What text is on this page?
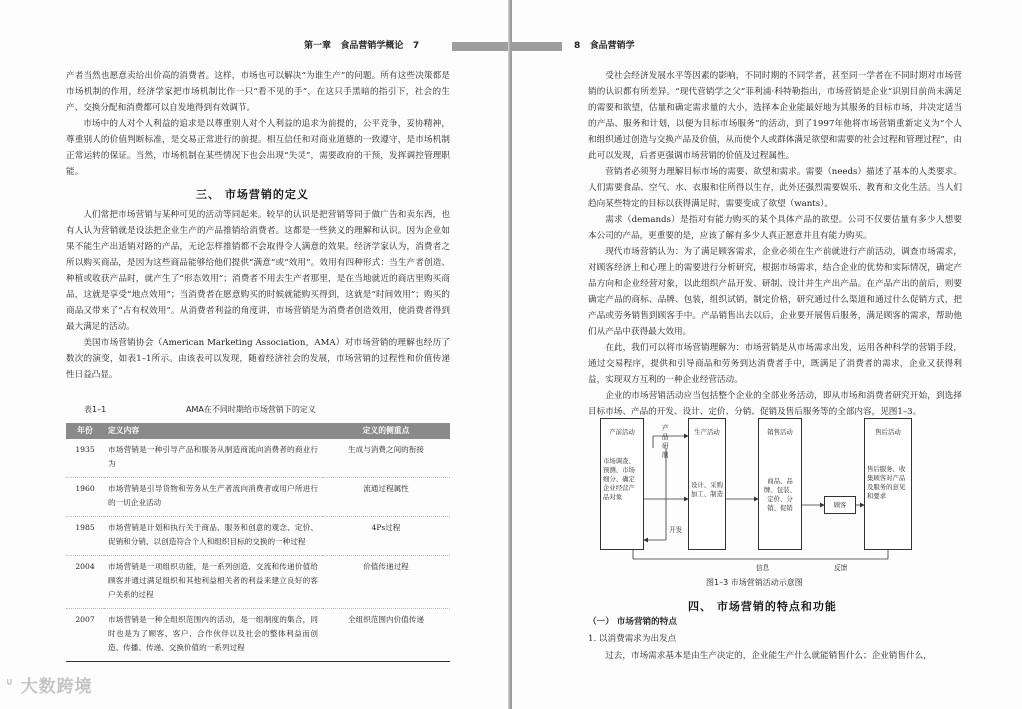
第一章 食品营销学概论 7

产者当然也愿意卖给出价高的消费者。这样，市场也可以解决“为谁生产”的问题。所有这些决策都是市场机制的作用，经济学家把市场机制比作一只“看不见的手”，在这只手黑暗的指引下，社会的生产、交换分配和消费都可以自发地得到有效调节。

市场中的人对个人利益的追求是以尊重别人对个人利益的追求为前提的，公平竞争，妥协精神，尊重别人的价值判断标准，是交易正常进行的前提。相互信任和对商业道德的一致遵守，是市场机制正常运转的保证。当然，市场机制在某些情况下也会出现“失灵”，需要政府的干预，发挥调控管理职能。

三、 市场营销的定义

人们常把市场营销与某种可见的活动等同起来。较早的认识是把营销等同于做广告和卖东西，也有人认为营销就是设法把企业生产的产品推销给消费者。这都是一些狭义的理解和认识。因为企业如果不能生产出适销对路的产品，无论怎样推销都不会取得令人满意的效果。经济学家认为，消费者之所以购买商品，是因为这些商品能够给他们提供“满意”或“效用”。效用有四种形式：当生产者创造、种植或收获产品时，就产生了“形态效用”；消费者不用去生产者那里，是在当地就近的商店里购买商品，这就是享受“地点效用”；当消费者在愿意购买的时候就能购买得到，这就是“时间效用”；购买的商品又带来了“占有权效用”。从消费者利益的角度讲，市场营销是为消费者创造效用，使消费者得到最大满足的活动。

美国市场营销协会（American Marketing Association，AMA）对市场营销的理解也经历了数次的演变，如表1–1所示。由该表可以发现，随着经济社会的发展，市场营销的过程性和价值传递性日益凸显。

表1–1	AMA在不同时期给市场营销下的定义
年份	定义内容	定义的侧重点
1935	市场营销是一种引导产品和服务从制造商流向消费者的商业行为	生成与消费之间的衔接
1960	市场营销是引导货物和劳务从生产者流向消费者或用户所进行的一切企业活动	流通过程属性
1985	市场营销是计划和执行关于商品、服务和创意的观念、定价、促销和分销，以创造符合个人和组织目标的交换的一种过程	4Ps过程
2004	市场营销是一项组织功能，是一系列创造、交流和传递价值给顾客并通过满足组织和其他利益相关者的利益来建立良好的客户关系的过程	价值传递过程
2007	市场营销是一种全组织范围内的活动，是一组制度的集合，同时也是为了顾客、客户、合作伙伴以及社会的整体利益而创造、传播、传递、交换价值的一系列过程	全组织范围内价值传递
ᐡ 大数跨境
8 食品营销学

受社会经济发展水平等因素的影响，不同时期的不同学者，甚至同一学者在不同时期对市场营销的认识都有所差异。“现代营销学之父”菲利浦·科特勒指出，市场营销是企业“识别目前尚未满足的需要和欲望，估量和确定需求量的大小，选择本企业能最好地为其服务的目标市场，并决定适当的产品、服务和计划，以便为目标市场服务”的活动，到了1997年他将市场营销重新定义为“个人和组织通过创造与交换产品及价值，从而使个人或群体满足欲望和需要的社会过程和管理过程”，由此可以发现，后者更强调市场营销的价值及过程属性。

营销者必须努力理解目标市场的需要、欲望和需求。需要（needs）描述了基本的人类要求。人们需要食品、空气、水、衣服和住所得以生存，此外还强烈需要娱乐、教育和文化生活。当人们趋向某些特定的目标以获得满足时，需要变成了欲望（wants）。

需求（demands）是指对有能力购买的某个具体产品的欲望。公司不仅要估量有多少人想要本公司的产品，更重要的是，应该了解有多少人真正愿意并且有能力购买。

现代市场营销认为：为了满足顾客需求，企业必须在生产前就进行产前活动，调查市场需求，对顾客经济上和心理上的需要进行分析研究，根据市场需求，结合企业的优势和实际情况，确定产品方向和企业经营对象，以此组织产品开发、研制、设计并生产出产品。在产品产出的前后，则要确定产品的商标、品牌、包装，组织试销，制定价格，研究通过什么渠道和通过什么促销方式，把产品或劳务销售到顾客手中。产品销售出去以后，企业要开展售后服务，满足顾客的需求，帮助他们从产品中获得最大效用。

在此，我们可以将市场营销理解为：市场营销是从市场需求出发，运用各种科学的营销手段，通过交易程序，提供和引导商品和劳务到达消费者手中，既满足了消费者的需求，企业又获得利益，实现双方互利的一种企业经营活动。

企业的市场营销活动应当包括整个企业的全部业务活动，即从市场和消费者研究开始，到选择目标市场、产品的开发、设计、定价、分销、促销及售后服务等的全部内容，见图1–3。

产前活动
市场调查、预测、市场细分、确定企业经营产品对象
产品研制
生产活动
设计、采购加工、制造
销售活动
商品、品牌、包装、定价、分销、促销	顾客
售后活动
售后服务、收集顾客对产品及服务的意见和要求
开发
信息	反馈
图1–3 市场营销活动示意图
四、 市场营销的特点和功能
（一） 市场营销的特点
1. 以消费需求为出发点
过去，市场需求基本是由生产决定的，企业能生产什么就能销售什么；企业销售什么，
